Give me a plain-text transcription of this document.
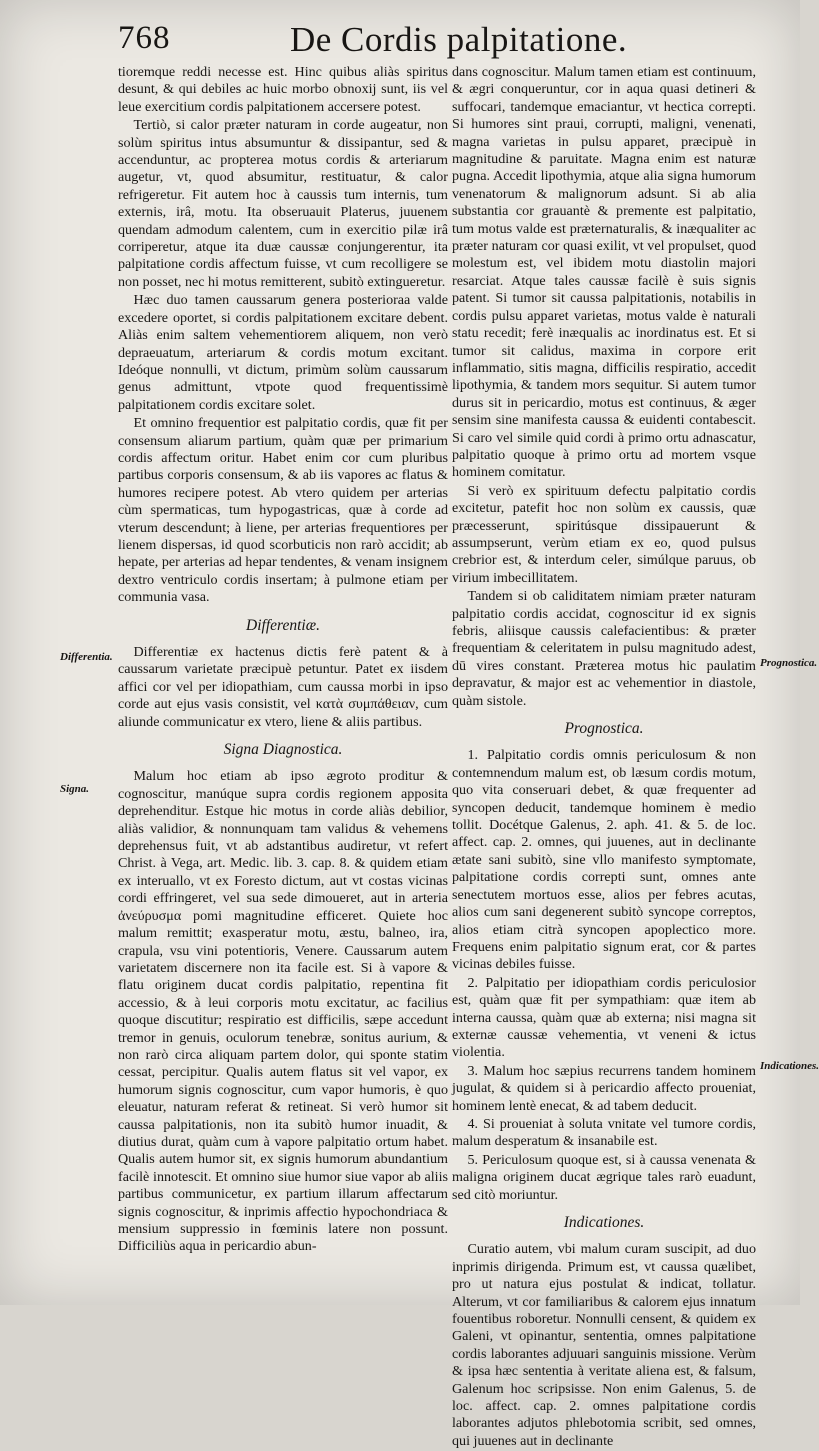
768	De Cordis palpitatione.

tioremque reddi necesse est. Hinc quibus aliàs spiritus desunt, & qui debiles ac huic morbo obnoxij sunt, iis vel leue exercitium cordis palpitationem accersere potest.

Tertiò, si calor præter naturam in corde augeatur, non solùm spiritus intus absumuntur & dissipantur, sed & accenduntur, ac propterea motus cordis & arteriarum augetur, vt, quod absumitur, restituatur, & calor refrigeretur. Fit autem hoc à caussis tum internis, tum externis, irâ, motu. Ita obseruauit Platerus, juuenem quendam admodum calentem, cum in exercitio pilæ irâ corriperetur, atque ita duæ caussæ conjungerentur, ita palpitatione cordis affectum fuisse, vt cum recolligere se non posset, nec hi motus remitterent, subitò extingueretur.

Hæc duo tamen caussarum genera posterioraa valde excedere oportet, si cordis palpitationem excitare debent. Aliàs enim saltem vehementiorem aliquem, non verò depraeuatum, arteriarum & cordis motum excitant. Ideóque nonnulli, vt dictum, primùm solùm caussarum genus admittunt, vtpote quod frequentissimè palpitationem cordis excitare solet.

Et omnino frequentior est palpitatio cordis, quæ fit per consensum aliarum partium, quàm quæ per primarium cordis affectum oritur. Habet enim cor cum pluribus partibus corporis consensum, & ab iis vapores ac flatus & humores recipere potest. Ab vtero quidem per arterias cùm spermaticas, tum hypogastricas, quæ à corde ad vterum descendunt; à liene, per arterias frequentiores per lienem dispersas, id quod scorbuticis non rarò accidit; ab hepate, per arterias ad hepar tendentes, & venam insignem dextro ventriculo cordis insertam; à pulmone etiam per communia vasa.

Differentiæ.

Differentiæ ex hactenus dictis ferè patent & à caussarum varietate præcipuè petuntur. Patet ex iisdem affici cor vel per idiopathiam, cum caussa morbi in ipso corde aut ejus vasis consistit, vel κατὰ συμπάθειαν, cum aliunde communicatur ex vtero, liene & aliis partibus.

Signa Diagnostica.

Malum hoc etiam ab ipso ægroto proditur & cognoscitur, manúque supra cordis regionem apposita deprehenditur. Estque hic motus in corde aliàs debilior, aliàs validior, & nonnunquam tam validus & vehemens deprehensus fuit, vt ab adstantibus audiretur, vt refert Christ. à Vega, art. Medic. lib. 3. cap. 8. & quidem etiam ex interuallo, vt ex Foresto dictum, aut vt costas vicinas cordi effringeret, vel sua sede dimoueret, aut in arteria ἀνεύρυσμα pomi magnitudine efficeret. Quiete hoc malum remittit; exasperatur motu, æstu, balneo, ira, crapula, vsu vini potentioris, Venere. Caussarum autem varietatem discernere non ita facile est. Si à vapore & flatu originem ducat cordis palpitatio, repentina fit accessio, & à leui corporis motu excitatur, ac facilius quoque discutitur; respiratio est difficilis, sæpe accedunt tremor in genuis, oculorum tenebræ, sonitus aurium, & non rarò circa aliquam partem dolor, qui sponte statim cessat, percipitur. Qualis autem flatus sit vel vapor, ex humorum signis cognoscitur, cum vapor humoris, è quo eleuatur, naturam referat & retineat. Si verò humor sit caussa palpitationis, non ita subitò humor inuadit, & diutius durat, quàm cum à vapore palpitatio ortum habet. Qualis autem humor sit, ex signis humorum abundantium facilè innotescit. Et omnino siue humor siue vapor ab aliis partibus communicetur, ex partium illarum affectarum signis cognoscitur, & inprimis affectio hypochondriaca & mensium suppressio in fœminis latere non possunt. Difficiliùs aqua in pericardio abun-

dans cognoscitur. Malum tamen etiam est continuum, & ægri conqueruntur, cor in aqua quasi detineri & suffocari, tandemque emaciantur, vt hectica correpti. Si humores sint praui, corrupti, maligni, venenati, magna varietas in pulsu apparet, præcipuè in magnitudine & paruitate. Magna enim est naturæ pugna. Accedit lipothymia, atque alia signa humorum venenatorum & malignorum adsunt. Si ab alia substantia cor grauantè & premente est palpitatio, tum motus valde est præternaturalis, & inæqualiter ac præter naturam cor quasi exilit, vt vel propulset, quod molestum est, vel ibidem motu diastolin majori resarciat. Atque tales caussæ facilè è suis signis patent. Si tumor sit caussa palpitationis, notabilis in cordis pulsu apparet varietas, motus valde è naturali statu recedit; ferè inæqualis ac inordinatus est. Et si tumor sit calidus, maxima in corpore erit inflammatio, sitis magna, difficilis respiratio, accedit lipothymia, & tandem mors sequitur. Si autem tumor durus sit in pericardio, motus est continuus, & æger sensim sine manifesta caussa & euidenti contabescit. Si caro vel simile quid cordi à primo ortu adnascatur, palpitatio quoque à primo ortu ad mortem vsque hominem comitatur.

Si verò ex spirituum defectu palpitatio cordis excitetur, patefit hoc non solùm ex caussis, quæ præcesserunt, spiritúsque dissipauerunt & assumpserunt, verùm etiam ex eo, quod pulsus crebrior est, & interdum celer, simúlque paruus, ob virium imbecillitatem.

Tandem si ob caliditatem nimiam præter naturam palpitatio cordis accidat, cognoscitur id ex signis febris, aliisque caussis calefacientibus: & præter frequentiam & celeritatem in pulsu magnitudo adest, dū vires constant. Præterea motus hic paulatim depravatur, & major est ac vehementior in diastole, quàm sistole.

Prognostica.
1. Palpitatio cordis omnis periculosum & non contemnendum malum est, ob læsum cordis motum, quo vita conseruari debet, & quæ frequenter ad syncopen deducit, tandemque hominem è medio tollit. Docétque Galenus, 2. aph. 41. & 5. de loc. affect. cap. 2. omnes, qui juuenes, aut in declinante ætate sani subitò, sine vllo manifesto symptomate, palpitatione cordis correpti sunt, omnes ante senectutem mortuos esse, alios per febres acutas, alios cum sani degenerent subitò syncope correptos, alios etiam citrà syncopen apoplectico more. Frequens enim palpitatio signum erat, cor & partes vicinas debiles fuisse.
2. Palpitatio per idiopathiam cordis periculosior est, quàm quæ fit per sympathiam: quæ item ab interna caussa, quàm quæ ab externa; nisi magna sit externæ caussæ vehementia, vt veneni & ictus violentia.
3. Malum hoc sæpius recurrens tandem hominem jugulat, & quidem si à pericardio affecto proueniat, hominem lentè enecat, & ad tabem deducit.
4. Si proueniat à soluta vnitate vel tumore cordis, malum desperatum & insanabile est.
5. Periculosum quoque est, si à caussa venenata & maligna originem ducat ægrique tales rarò euadunt, sed citò moriuntur.
Indicationes.

Curatio autem, vbi malum curam suscipit, ad duo inprimis dirigenda. Primum est, vt caussa quælibet, pro ut natura ejus postulat & indicat, tollatur. Alterum, vt cor familiaribus & calorem ejus innatum fouentibus roboretur. Nonnulli censent, & quidem ex Galeni, vt opinantur, sententia, omnes palpitatione cordis laborantes adjuuari sanguinis missione. Verùm & ipsa hæc sententia à veritate aliena est, & falsum, Galenum hoc scripsisse. Non enim Galenus, 5. de loc. affect. cap. 2. omnes palpitatione cordis laborantes adjutos phlebotomia scribit, sed omnes, qui juuenes aut in declinante

Differentia.
Signa.
Prognostica.
Indicationes.
